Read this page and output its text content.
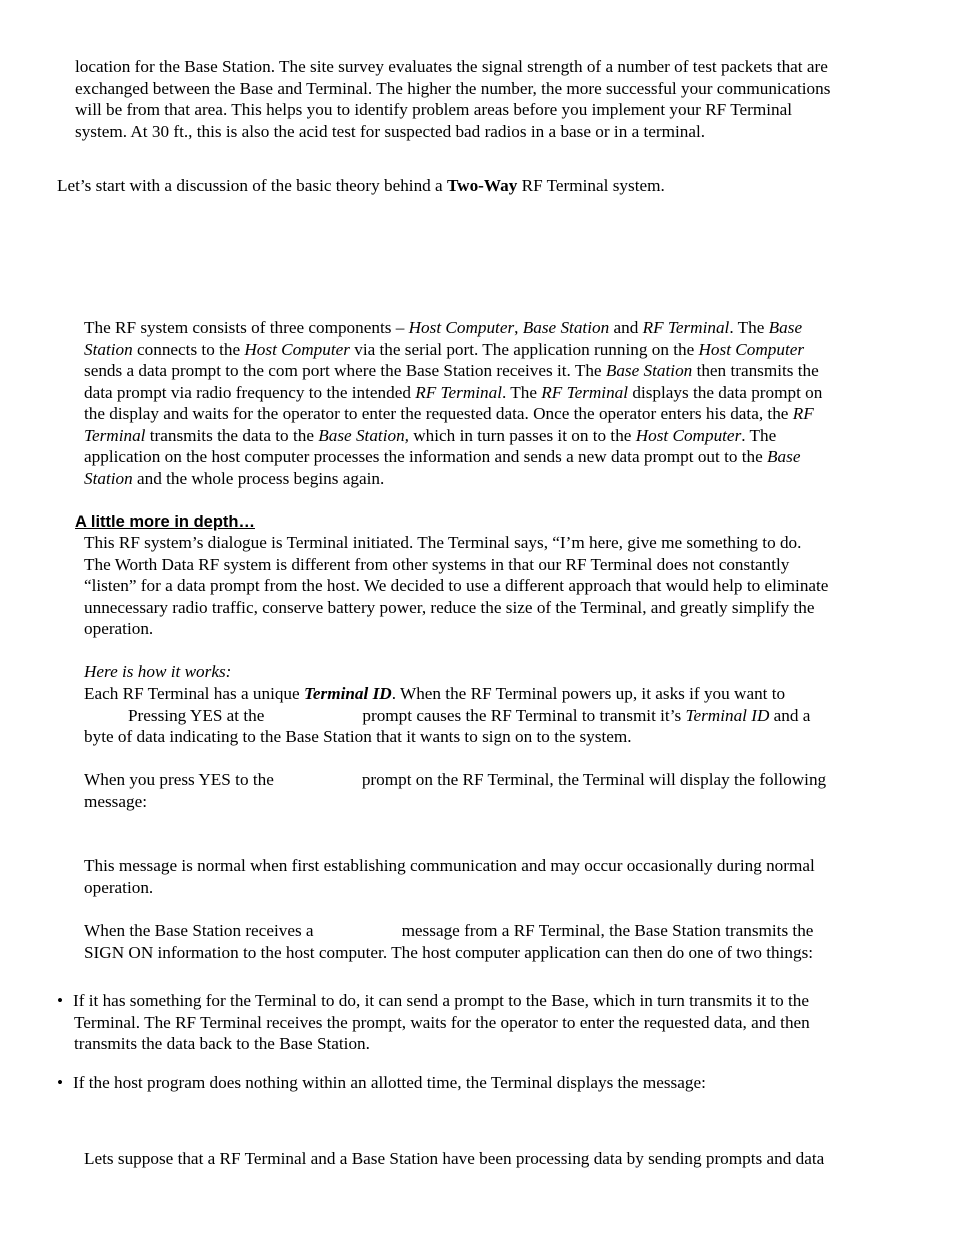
location for the Base Station. The site survey evaluates the signal strength of a number of test packets that are
exchanged between the Base and Terminal. The higher the number, the more successful your communications
will be from that area. This helps you to identify problem areas before you implement your RF Terminal
system. At 30 ft., this is also the acid test for suspected bad radios in a base or in a terminal.
Let’s start with a discussion of the basic theory behind a Two-Way RF Terminal system.
The RF system consists of three components – Host Computer, Base Station and RF Terminal. The Base
Station connects to the Host Computer via the serial port. The application running on the Host Computer
sends a data prompt to the com port where the Base Station receives it. The Base Station then transmits the
data prompt via radio frequency to the intended RF Terminal. The RF Terminal displays the data prompt on
the display and waits for the operator to enter the requested data. Once the operator enters his data, the RF
Terminal transmits the data to the Base Station, which in turn passes it on to the Host Computer. The
application on the host computer processes the information and sends a new data prompt out to the Base
Station and the whole process begins again.
A little more in depth…
This RF system’s dialogue is Terminal initiated. The Terminal says, “I’m here, give me something to do.
The Worth Data RF system is different from other systems in that our RF Terminal does not constantly
“listen” for a data prompt from the host. We decided to use a different approach that would help to eliminate
unnecessary radio traffic, conserve battery power, reduce the size of the Terminal, and greatly simplify the
operation.
Here is how it works:
Each RF Terminal has a unique Terminal ID. When the RF Terminal powers up, it asks if you want to
Pressing YES at the	prompt causes the RF Terminal to transmit it’s Terminal ID and a
byte of data indicating to the Base Station that it wants to sign on to the system.
When you press YES to the	prompt on the RF Terminal, the Terminal will display the following
message:
This message is normal when first establishing communication and may occur occasionally during normal
operation.
When the Base Station receives a	message from a RF Terminal, the Base Station transmits the
SIGN ON information to the host computer. The host computer application can then do one of two things:
• If it has something for the Terminal to do, it can send a prompt to the Base, which in turn transmits it to the
Terminal. The RF Terminal receives the prompt, waits for the operator to enter the requested data, and then
transmits the data back to the Base Station.
• If the host program does nothing within an allotted time, the Terminal displays the message:
Lets suppose that a RF Terminal and a Base Station have been processing data by sending prompts and data
